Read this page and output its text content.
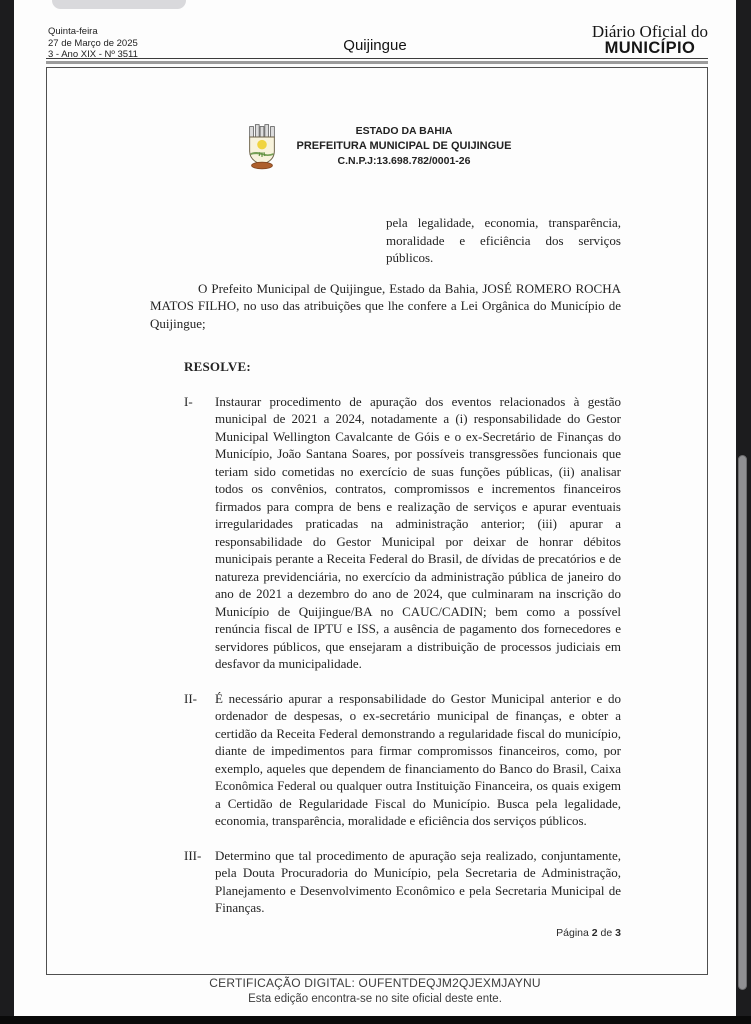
Quinta-feira
27 de Março de 2025
3 - Ano XIX - Nº 3511
Quijingue
Diário Oficial do
MUNICÍPIO
ESTADO DA BAHIA
PREFEITURA MUNICIPAL DE QUIJINGUE
C.N.P.J:13.698.782/0001-26

pela legalidade, economia, transparência, moralidade e eficiência dos serviços públicos.

O Prefeito Municipal de Quijingue, Estado da Bahia, JOSÉ ROMERO ROCHA MATOS FILHO, no uso das atribuições que lhe confere a Lei Orgânica do Município de Quijingue;

RESOLVE:

I-	Instaurar procedimento de apuração dos eventos relacionados à gestão municipal de 2021 a 2024, notadamente a (i) responsabilidade do Gestor Municipal Wellington Cavalcante de Góis e o ex-Secretário de Finanças do Município, João Santana Soares, por possíveis transgressões funcionais que teriam sido cometidas no exercício de suas funções públicas, (ii) analisar todos os convênios, contratos, compromissos e incrementos financeiros firmados para compra de bens e realização de serviços e apurar eventuais irregularidades praticadas na administração anterior; (iii) apurar a responsabilidade do Gestor Municipal por deixar de honrar débitos municipais perante a Receita Federal do Brasil, de dívidas de precatórios e de natureza previdenciária, no exercício da administração pública de janeiro do ano de 2021 a dezembro do ano de 2024, que culminaram na inscrição do Município de Quijingue/BA no CAUC/CADIN; bem como a possível renúncia fiscal de IPTU e ISS, a ausência de pagamento dos fornecedores e servidores públicos, que ensejaram a distribuição de processos judiciais em desfavor da municipalidade.
II-	É necessário apurar a responsabilidade do Gestor Municipal anterior e do ordenador de despesas, o ex-secretário municipal de finanças, e obter a certidão da Receita Federal demonstrando a regularidade fiscal do município, diante de impedimentos para firmar compromissos financeiros, como, por exemplo, aqueles que dependem de financiamento do Banco do Brasil, Caixa Econômica Federal ou qualquer outra Instituição Financeira, os quais exigem a Certidão de Regularidade Fiscal do Município. Busca pela legalidade, economia, transparência, moralidade e eficiência dos serviços públicos.
III-	Determino que tal procedimento de apuração seja realizado, conjuntamente, pela Douta Procuradoria do Município, pela Secretaria de Administração, Planejamento e Desenvolvimento Econômico e pela Secretaria Municipal de Finanças.
Página 2 de 3
CERTIFICAÇÃO DIGITAL: OUFENTDEQJM2QJEXMJAYNU
Esta edição encontra-se no site oficial deste ente.
